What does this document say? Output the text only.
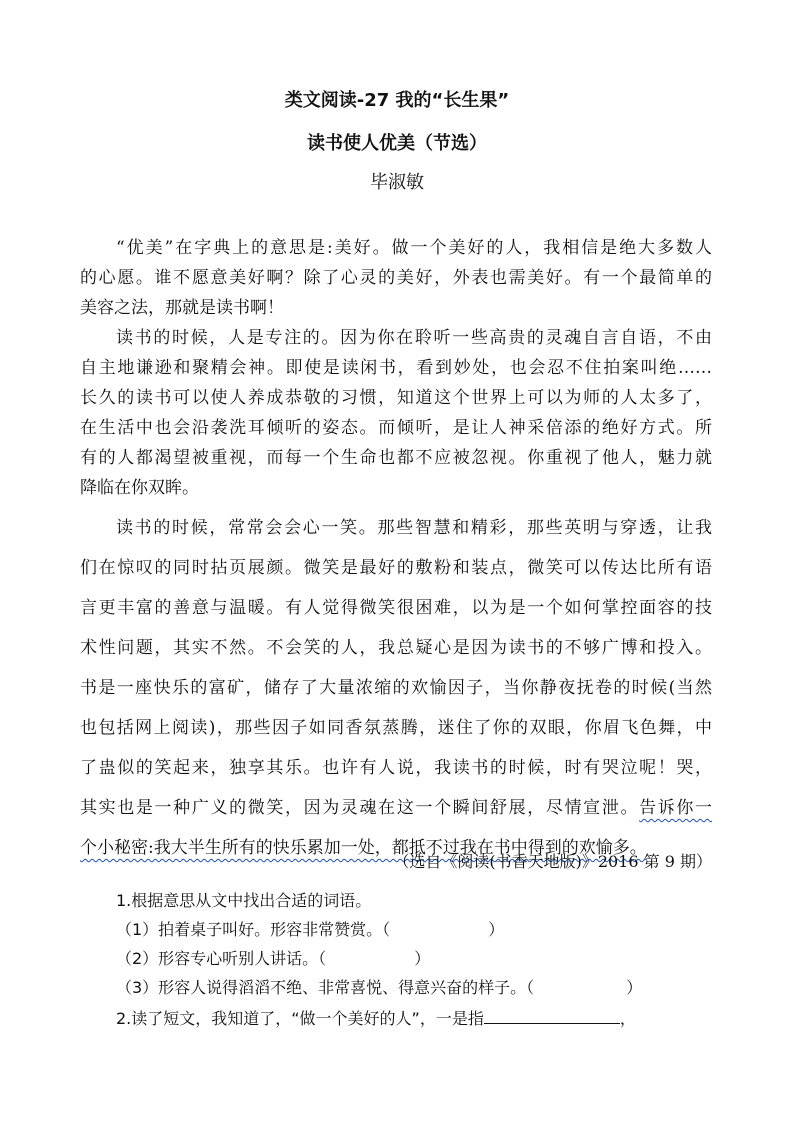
类文阅读-27 我的“长生果”
读书使人优美（节选）
毕淑敏
“优美”在字典上的意思是:美好。做一个美好的人，我相信是绝大多数人
的心愿。谁不愿意美好啊？除了心灵的美好，外表也需美好。有一个最简单的
美容之法，那就是读书啊！
读书的时候，人是专注的。因为你在聆听一些高贵的灵魂自言自语，不由
自主地谦逊和聚精会神。即使是读闲书，看到妙处，也会忍不住拍案叫绝……
长久的读书可以使人养成恭敬的习惯，知道这个世界上可以为师的人太多了，
在生活中也会沿袭洗耳倾听的姿态。而倾听，是让人神采倍添的绝好方式。所
有的人都渴望被重视，而每一个生命也都不应被忽视。你重视了他人，魅力就
降临在你双眸。
读书的时候，常常会会心一笑。那些智慧和精彩，那些英明与穿透，让我
们在惊叹的同时拈页展颜。微笑是最好的敷粉和装点，微笑可以传达比所有语
言更丰富的善意与温暖。有人觉得微笑很困难，以为是一个如何掌控面容的技
术性问题，其实不然。不会笑的人，我总疑心是因为读书的不够广博和投入。
书是一座快乐的富矿，储存了大量浓缩的欢愉因子，当你静夜抚卷的时候(当然
也包括网上阅读)，那些因子如同香氛蒸腾，迷住了你的双眼，你眉飞色舞，中
了蛊似的笑起来，独享其乐。也许有人说，我读书的时候，时有哭泣呢！哭，
其实也是一种广义的微笑，因为灵魂在这一个瞬间舒展，尽情宣泄。告诉你一
个小秘密:我大半生所有的快乐累加一处，都抵不过我在书中得到的欢愉多。
（选自《阅读(书香天地版)》2016 第 9 期）
1.根据意思从文中找出合适的词语。
（1）拍着桌子叫好。形容非常赞赏。（	）
（2）形容专心听别人讲话。（	）
（3）形容人说得滔滔不绝、非常喜悦、得意兴奋的样子。（	）
2.读了短文，我知道了，“做一个美好的人”，一是指	，
